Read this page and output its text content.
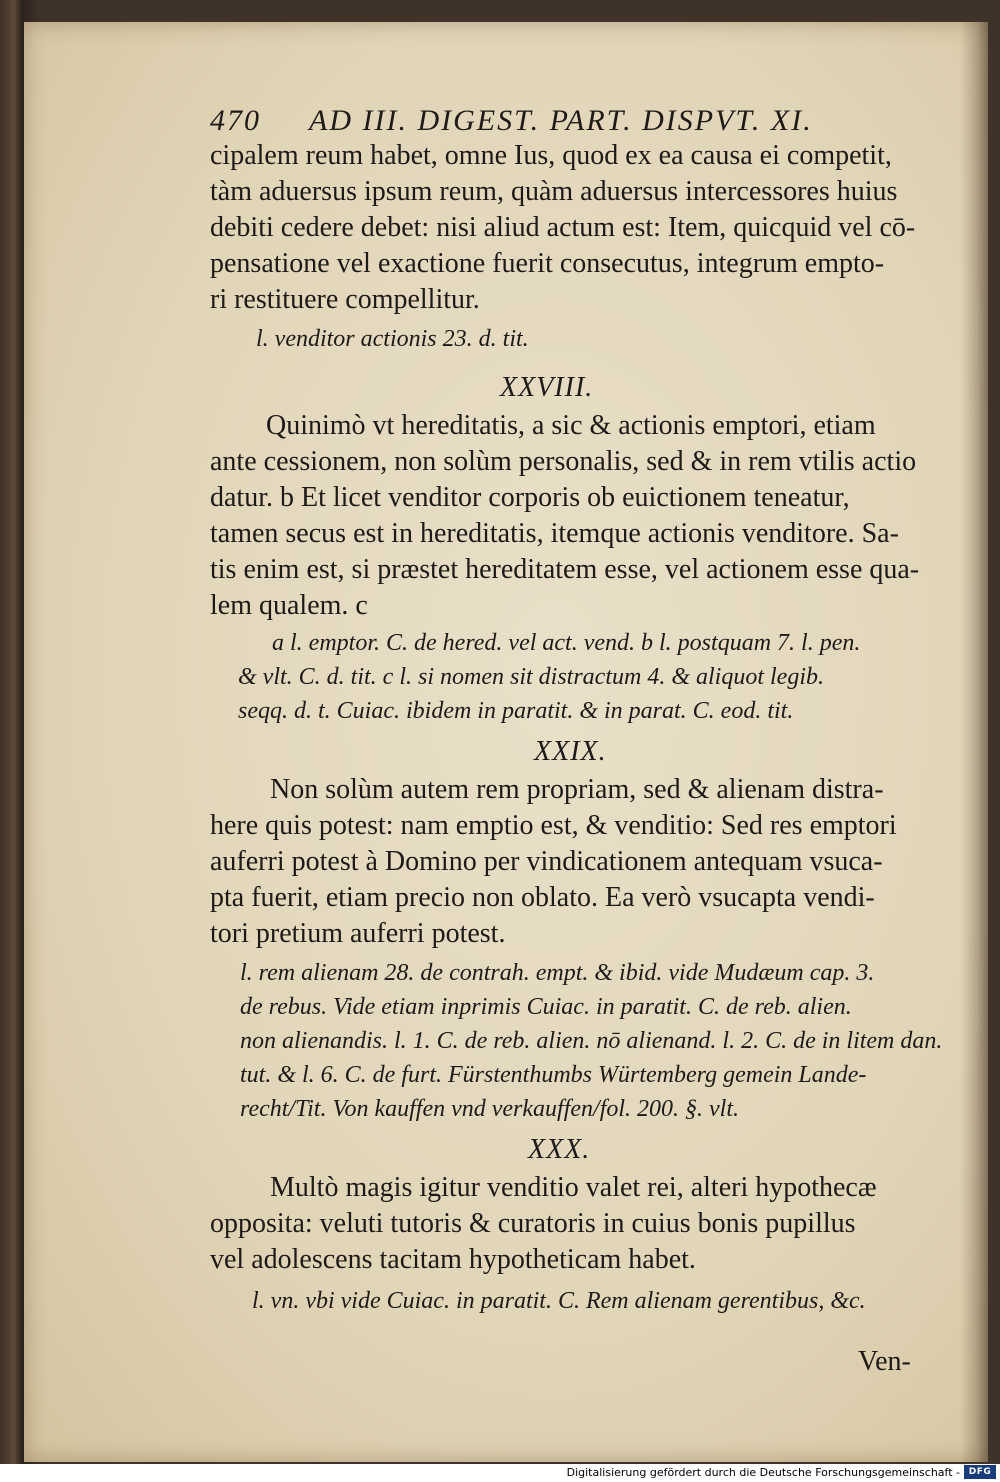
470 AD III. DIGEST. PART. DISPVT. XI.
cipalem reum habet, omne Ius, quod ex ea causa ei competit,
tàm aduersus ipsum reum, quàm aduersus intercessores huius
debiti cedere debet: nisi aliud actum est: Item, quicquid vel cō-
pensatione vel exactione fuerit consecutus, integrum empto-
ri restituere compellitur.
l. venditor actionis 23. d. tit.
XXVIII.
Quinimò vt hereditatis, a sic & actionis emptori, etiam
ante cessionem, non solùm personalis, sed & in rem vtilis actio
datur. b Et licet venditor corporis ob euictionem teneatur,
tamen secus est in hereditatis, itemque actionis venditore. Sa-
tis enim est, si præstet hereditatem esse, vel actionem esse qua-
lem qualem. c
a l. emptor. C. de hered. vel act. vend. b l. postquam 7. l. pen.
& vlt. C. d. tit. c l. si nomen sit distractum 4. & aliquot legib.
seqq. d. t. Cuiac. ibidem in paratit. & in parat. C. eod. tit.
XXIX.
Non solùm autem rem propriam, sed & alienam distra-
here quis potest: nam emptio est, & venditio: Sed res emptori
auferri potest à Domino per vindicationem antequam vsuca-
pta fuerit, etiam precio non oblato. Ea verò vsucapta vendi-
tori pretium auferri potest.
l. rem alienam 28. de contrah. empt. & ibid. vide Mudæum cap. 3.
de rebus. Vide etiam inprimis Cuiac. in paratit. C. de reb. alien.
non alienandis. l. 1. C. de reb. alien. nō alienand. l. 2. C. de in litem dan.
tut. & l. 6. C. de furt. Fürstenthumbs Würtemberg gemein Lande-
recht/Tit. Von kauffen vnd verkauffen/fol. 200. §. vlt.
XXX.
Multò magis igitur venditio valet rei, alteri hypothecæ
opposita: veluti tutoris & curatoris in cuius bonis pupillus
vel adolescens tacitam hypotheticam habet.
l. vn. vbi vide Cuiac. in paratit. C. Rem alienam gerentibus, &c.
Ven-
Digitalisierung gefördert durch die Deutsche Forschungsgemeinschaft - DFG
